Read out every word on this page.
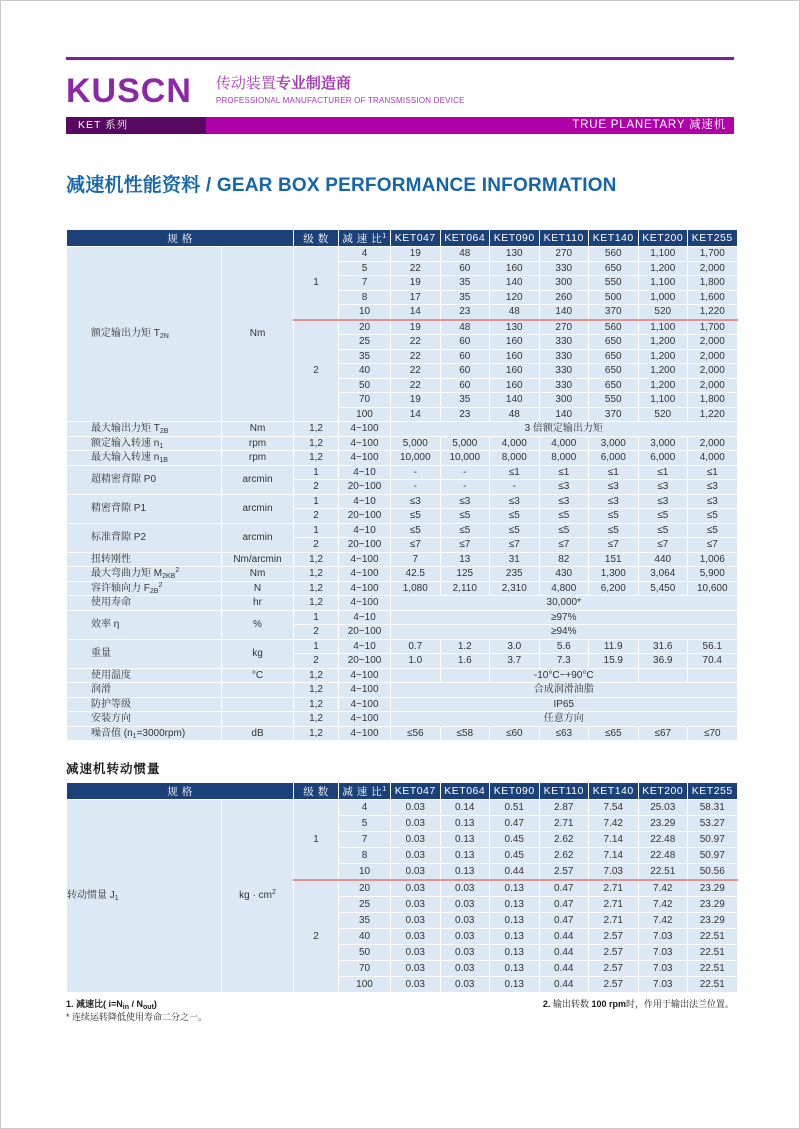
KUSCN 传动装置专业制造商
PROFESSIONAL MANUFACTURER OF TRANSMISSION DEVICE
KET 系列	TRUE PLANETARY 减速机
减速机性能资料 / GEAR BOX PERFORMANCE INFORMATION
规 格		级 数	减 速 比$^1$	KET047	KET064	KET090	KET110	KET140	KET200	KET255
额定输出力矩 $T_{2N}$	Nm	1	4	19	48	130	270	560	1,100	1,700
			5	22	60	160	330	650	1,200	2,000
			7	19	35	140	300	550	1,100	1,800
			8	17	35	120	260	500	1,000	1,600
			10	14	23	48	140	370	520	1,220
		2	20	19	48	130	270	560	1,100	1,700
			25	22	60	160	330	650	1,200	2,000
			35	22	60	160	330	650	1,200	2,000
			40	22	60	160	330	650	1,200	2,000
			50	22	60	160	330	650	1,200	2,000
			70	19	35	140	300	550	1,100	1,800
			100	14	23	48	140	370	520	1,220
最大输出力矩 $T_{2B}$	Nm	1,2	4~100	3 倍额定输出力矩						
额定输入转速 $n_1$	rpm	1,2	4~100	5,000	5,000	4,000	4,000	3,000	3,000	2,000
最大输入转速 $n_{1B}$	rpm	1,2	4~100	10,000	10,000	8,000	8,000	6,000	6,000	4,000
超精密背隙 P0	arcmin	1	4~10	-	-	≤1	≤1	≤1	≤1	≤1
		2	20~100	-	-	-	≤3	≤3	≤3	≤3
精密背隙 P1	arcmin	1	4~10	≤3	≤3	≤3	≤3	≤3	≤3	≤3
		2	20~100	≤5	≤5	≤5	≤5	≤5	≤5	≤5
标准背隙 P2	arcmin	1	4~10	≤5	≤5	≤5	≤5	≤5	≤5	≤5
		2	20~100	≤7	≤7	≤7	≤7	≤7	≤7	≤7
扭转刚性	Nm/arcmin	1,2	4~100	7	13	31	82	151	440	1,006
最大弯曲力矩 $M_{2KB}^2$	Nm	1,2	4~100	42.5	125	235	430	1,300	3,064	5,900
容许轴向力 $F_{2B}^2$	N	1,2	4~100	1,080	2,110	2,310	4,800	6,200	5,450	10,600
使用寿命	hr	1,2	4~100	30,000*						
效率 η	%	1	4~10	≥97%						
		2	20~100	≥94%						
重量	kg	1	4~10	0.7	1.2	3.0	5.6	11.9	31.6	56.1
		2	20~100	1.0	1.6	3.7	7.3	15.9	36.9	70.4
使用温度	°C	1,2	4~100			-10°C~+90°C				
润滑		1,2	4~100	合成润滑油脂						
防护等级		1,2	4~100	IP65						
安装方向		1,2	4~100	任意方向						
噪音值 $(n_1=3000rpm)$	dB	1,2	4~100	≤56	≤58	≤60	≤63	≤65	≤67	≤70
减速机转动惯量
规 格		级 数	减 速 比$^1$	KET047	KET064	KET090	KET110	KET140	KET200	KET255
转动惯量 $J_1$	kg · $cm^2$	1	4	0.03	0.14	0.51	2.87	7.54	25.03	58.31
			5	0.03	0.13	0.47	2.71	7.42	23.29	53.27
			7	0.03	0.13	0.45	2.62	7.14	22.48	50.97
			8	0.03	0.13	0.45	2.62	7.14	22.48	50.97
			10	0.03	0.13	0.44	2.57	7.03	22.51	50.56
		2	20	0.03	0.03	0.13	0.47	2.71	7.42	23.29
			25	0.03	0.03	0.13	0.47	2.71	7.42	23.29
			35	0.03	0.03	0.13	0.47	2.71	7.42	23.29
			40	0.03	0.03	0.13	0.44	2.57	7.03	22.51
			50	0.03	0.03	0.13	0.44	2.57	7.03	22.51
			70	0.03	0.03	0.13	0.44	2.57	7.03	22.51
			100	0.03	0.03	0.13	0.44	2.57	7.03	22.51
1. 减速比( $i=N_{in} / N_{out}$)
* 连续运转降低使用寿命二分之一。
2. 输出转数 100 rpm时，作用于输出法兰位置。
